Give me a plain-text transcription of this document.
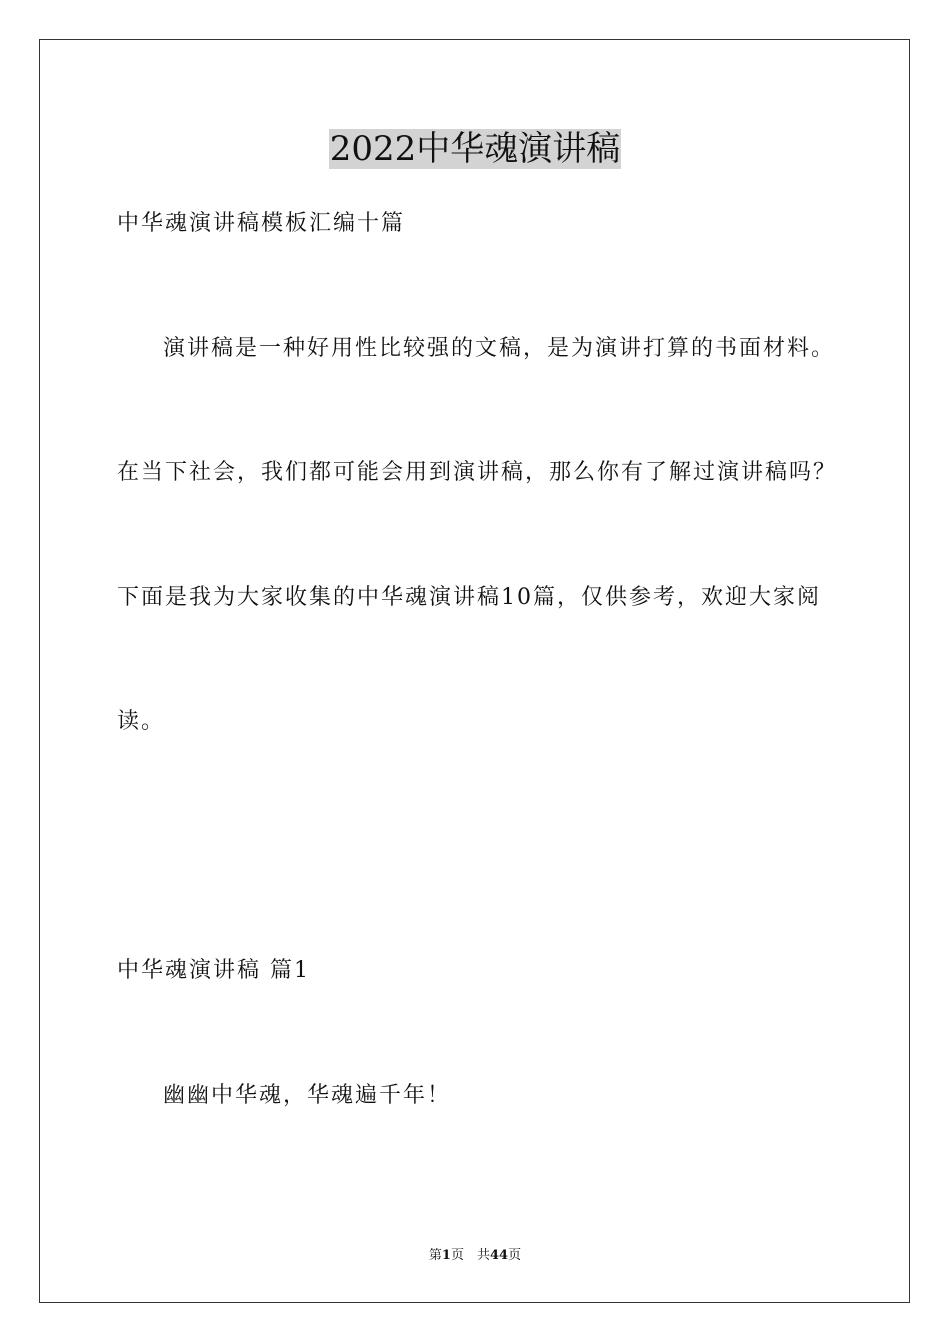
2022中华魂演讲稿
中华魂演讲稿模板汇编十篇
演讲稿是一种好用性比较强的文稿，是为演讲打算的书面材料。
在当下社会，我们都可能会用到演讲稿，那么你有了解过演讲稿吗？
下面是我为大家收集的中华魂演讲稿10篇，仅供参考，欢迎大家阅
读。
中华魂演讲稿 篇1
幽幽中华魂，华魂遍千年！
第1页　共44页
